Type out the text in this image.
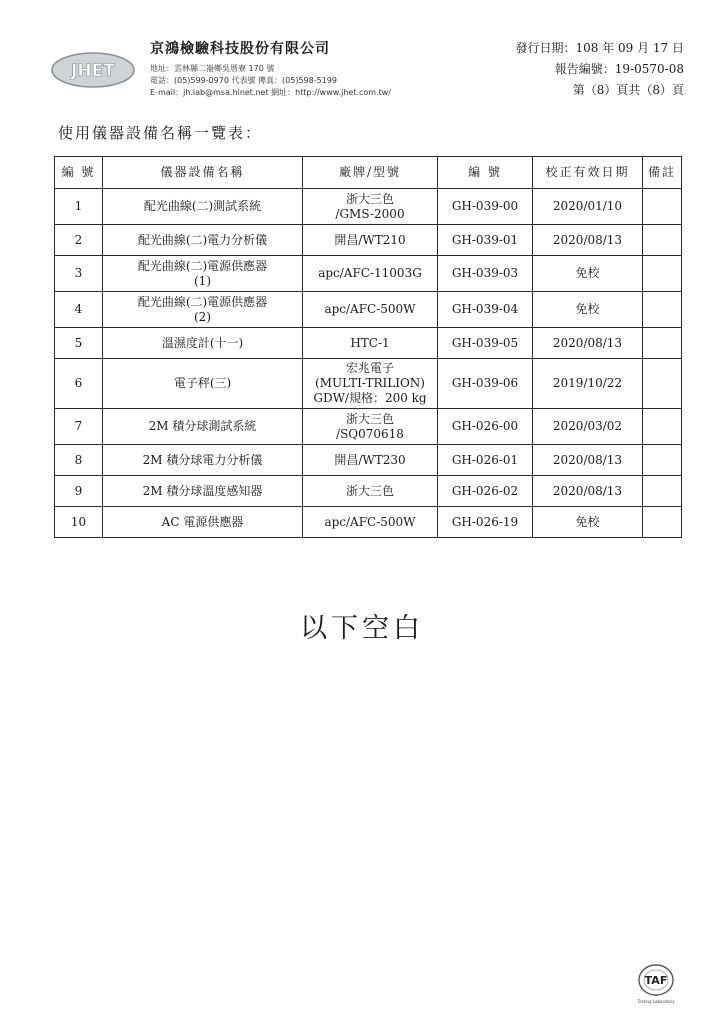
JHET
京鴻檢驗科技股份有限公司
地址：雲林縣二崙鄉吳厝寮 170 號
電話：(05)599-0970 代表號 傳真：(05)598-5199
E-mail：jh.lab@msa.hinet.net 網址：http://www.jhet.com.tw/
發行日期：108 年 09 月 17 日
報告編號：19-0570-08
第（8）頁共（8）頁
使用儀器設備名稱一覽表：
編 號	儀器設備名稱	廠牌/型號	編 號	校正有效日期	備註
1	配光曲線(二)測試系統	浙大三色
/GMS-2000	GH-039-00	2020/01/10	
2	配光曲線(二)電力分析儀	開昌/WT210	GH-039-01	2020/08/13	
3	配光曲線(二)電源供應器
(1)	apc/AFC-11003G	GH-039-03	免校	
4	配光曲線(二)電源供應器
(2)	apc/AFC-500W	GH-039-04	免校	
5	溫濕度計(十一)	HTC-1	GH-039-05	2020/08/13	
6	電子秤(三)	宏兆電子
(MULTI-TRILION)
GDW/規格：200 kg	GH-039-06	2019/10/22	
7	2M 積分球測試系統	浙大三色
/SQ070618	GH-026-00	2020/03/02	
8	2M 積分球電力分析儀	開昌/WT230	GH-026-01	2020/08/13	
9	2M 積分球溫度感知器	浙大三色	GH-026-02	2020/08/13	
10	AC 電源供應器	apc/AFC-500W	GH-026-19	免校	
以下空白
TAF
Testing Laboratory
